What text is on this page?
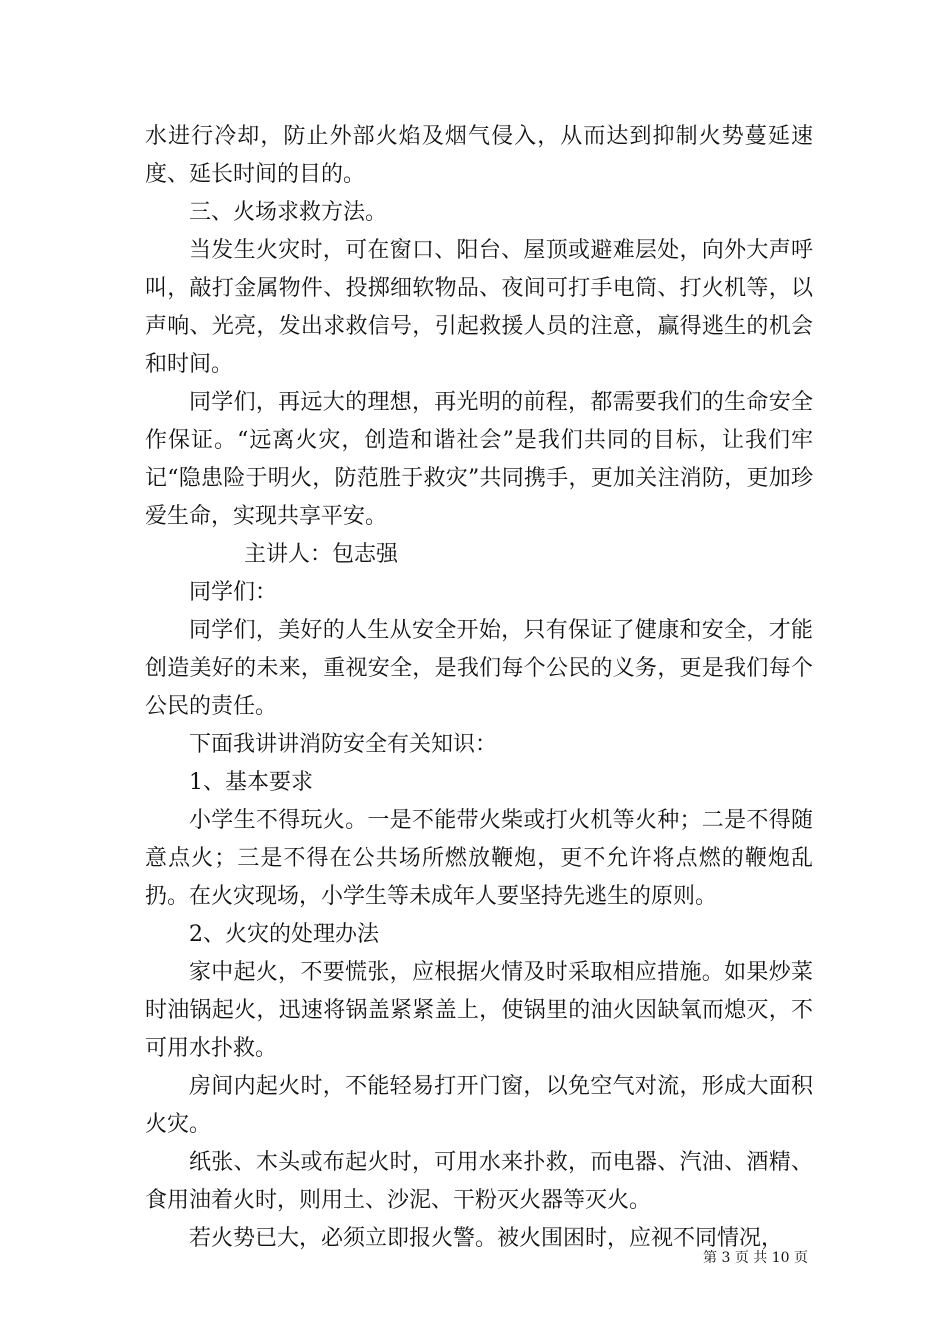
水进行冷却，防止外部火焰及烟气侵入，从而达到抑制火势蔓延速度、延长时间的目的。

三、火场求救方法。

当发生火灾时，可在窗口、阳台、屋顶或避难层处，向外大声呼叫，敲打金属物件、投掷细软物品、夜间可打手电筒、打火机等，以声响、光亮，发出求救信号，引起救援人员的注意，赢得逃生的机会和时间。

同学们，再远大的理想，再光明的前程，都需要我们的生命安全作保证。“远离火灾，创造和谐社会”是我们共同的目标，让我们牢记“隐患险于明火，防范胜于救灾”共同携手，更加关注消防，更加珍爱生命，实现共享平安。

主讲人：包志强

同学们：

同学们，美好的人生从安全开始，只有保证了健康和安全，才能创造美好的未来，重视安全，是我们每个公民的义务，更是我们每个公民的责任。

下面我讲讲消防安全有关知识：

1、基本要求

小学生不得玩火。一是不能带火柴或打火机等火种；二是不得随意点火；三是不得在公共场所燃放鞭炮，更不允许将点燃的鞭炮乱扔。在火灾现场，小学生等未成年人要坚持先逃生的原则。

2、火灾的处理办法

家中起火，不要慌张，应根据火情及时采取相应措施。如果炒菜时油锅起火，迅速将锅盖紧紧盖上，使锅里的油火因缺氧而熄灭，不可用水扑救。

房间内起火时，不能轻易打开门窗，以免空气对流，形成大面积火灾。

纸张、木头或布起火时，可用水来扑救，而电器、汽油、酒精、食用油着火时，则用土、沙泥、干粉灭火器等灭火。

若火势已大，必须立即报火警。被火围困时，应视不同情况，

第 3 页 共 10 页
